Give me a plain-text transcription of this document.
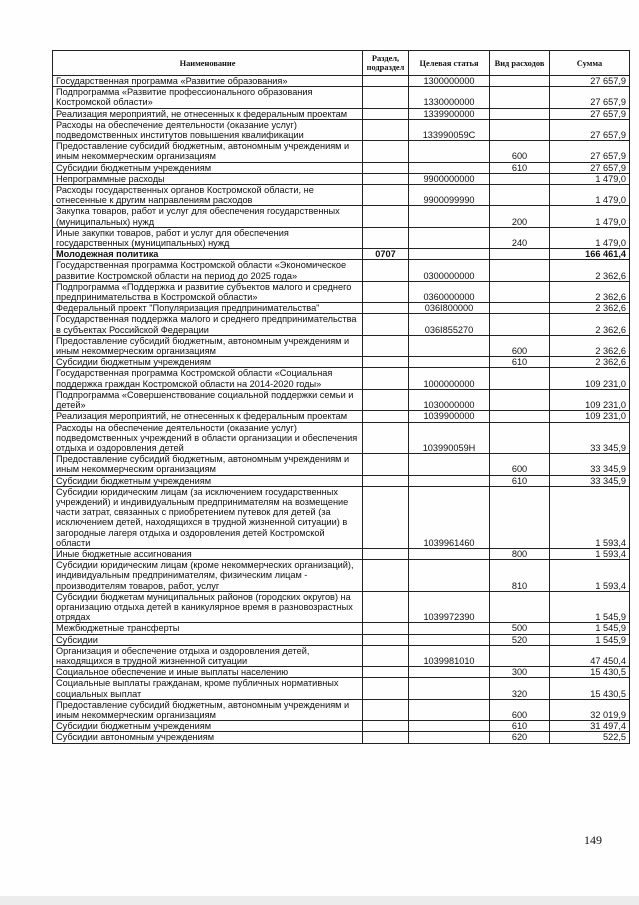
Наименование	Раздел, подраздел	Целевая статья	Вид расходов	Сумма
Государственная программа «Развитие образования»		1300000000		27 657,9
Подпрограмма «Развитие профессионального образования Костромской области»		1330000000		27 657,9
Реализация мероприятий, не отнесенных к федеральным проектам		1339900000		27 657,9
Расходы на обеспечение деятельности (оказание услуг) подведомственных институтов повышения квалификации		133990059C		27 657,9
Предоставление субсидий бюджетным, автономным учреждениям и иным некоммерческим организациям			600	27 657,9
Субсидии бюджетным учреждениям			610	27 657,9
Непрограммные расходы		9900000000		1 479,0
Расходы государственных органов Костромской области, не отнесенные к другим направлениям расходов		9900099990		1 479,0
Закупка товаров, работ и услуг для обеспечения государственных (муниципальных) нужд			200	1 479,0
Иные закупки товаров, работ и услуг для обеспечения государственных (муниципальных) нужд			240	1 479,0
Молодежная политика	0707			166 461,4
Государственная программа Костромской области «Экономическое развитие Костромской области на период до 2025 года»		0300000000		2 362,6
Подпрограмма «Поддержка и развитие субъектов малого и среднего предпринимательства в Костромской области»		0360000000		2 362,6
Федеральный проект "Популяризация предпринимательства"		036I800000		2 362,6
Государственная поддержка малого и среднего предпринимательства в субъектах Российской Федерации		036I855270		2 362,6
Предоставление субсидий бюджетным, автономным учреждениям и иным некоммерческим организациям			600	2 362,6
Субсидии бюджетным учреждениям			610	2 362,6
Государственная программа Костромской области «Социальная поддержка граждан Костромской области на 2014-2020 годы»		1000000000		109 231,0
Подпрограмма «Совершенствование социальной поддержки семьи и детей»		1030000000		109 231,0
Реализация мероприятий, не отнесенных к федеральным проектам		1039900000		109 231,0
Расходы на обеспечение деятельности (оказание услуг) подведомственных учреждений в области организации и обеспечения отдыха и оздоровления детей		103990059H		33 345,9
Предоставление субсидий бюджетным, автономным учреждениям и иным некоммерческим организациям			600	33 345,9
Субсидии бюджетным учреждениям			610	33 345,9
Субсидии юридическим лицам (за исключением государственных учреждений) и индивидуальным предпринимателям на возмещение части затрат, связанных с приобретением путевок для детей (за исключением детей, находящихся в трудной жизненной ситуации) в загородные лагеря отдыха и оздоровления детей Костромской области		1039961460		1 593,4
Иные бюджетные ассигнования			800	1 593,4
Субсидии юридическим лицам (кроме некоммерческих организаций), индивидуальным предпринимателям, физическим лицам - производителям товаров, работ, услуг			810	1 593,4
Субсидии бюджетам муниципальных районов (городских округов) на организацию отдыха детей в каникулярное время в разновозрастных отрядах		1039972390		1 545,9
Межбюджетные трансферты			500	1 545,9
Субсидии			520	1 545,9
Организация и обеспечение отдыха и оздоровления детей, находящихся в трудной жизненной ситуации		1039981010		47 450,4
Социальное обеспечение и иные выплаты населению			300	15 430,5
Социальные выплаты гражданам, кроме публичных нормативных социальных выплат			320	15 430,5
Предоставление субсидий бюджетным, автономным учреждениям и иным некоммерческим организациям			600	32 019,9
Субсидии бюджетным учреждениям			610	31 497,4
Субсидии автономным учреждениям			620	522,5
149
